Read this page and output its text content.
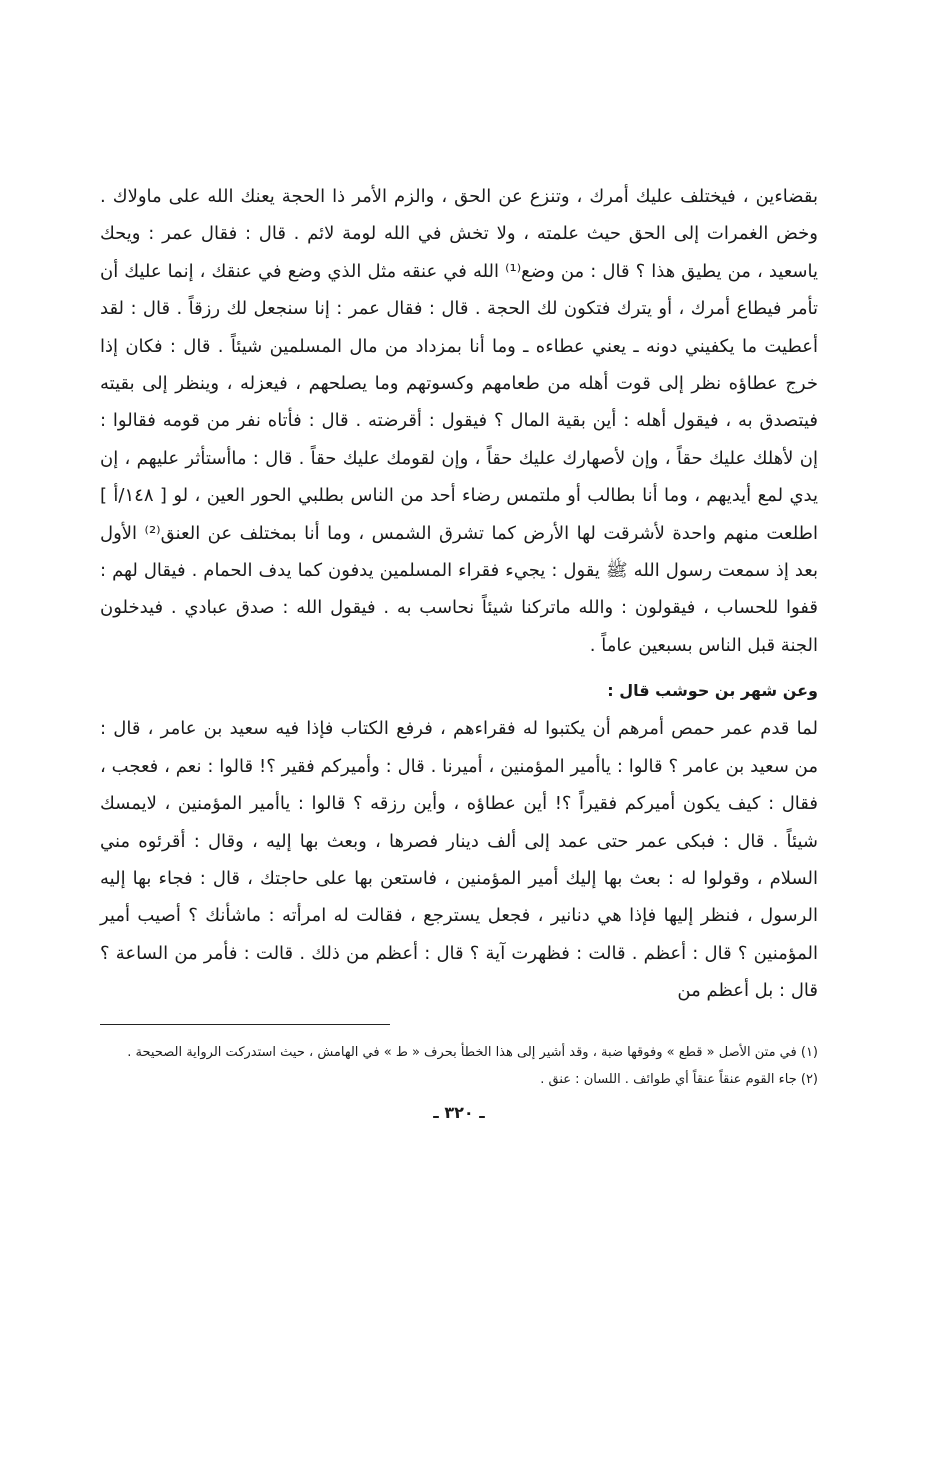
بقضاءين ، فيختلف عليك أمرك ، وتنزع عن الحق ، والزم الأمر ذا الحجة يعنك الله على ماولاك . وخض الغمرات إلى الحق حيث علمته ، ولا تخش في الله لومة لائم . قال : فقال عمر : ويحك ياسعيد ، من يطيق هذا ؟ قال : من وضع⁽¹⁾ الله في عنقه مثل الذي وضع في عنقك ، إنما عليك أن تأمر فيطاع أمرك ، أو يترك فتكون لك الحجة . قال : فقال عمر : إنا سنجعل لك رزقاً . قال : لقد أعطيت ما يكفيني دونه ـ يعني عطاءه ـ وما أنا بمزداد من مال المسلمين شيئاً . قال : فكان إذا خرج عطاؤه نظر إلى قوت أهله من طعامهم وكسوتهم وما يصلحهم ، فيعزله ، وينظر إلى بقيته فيتصدق به ، فيقول أهله : أين بقية المال ؟ فيقول : أقرضته . قال : فأتاه نفر من قومه فقالوا : إن لأهلك عليك حقاً ، وإن لأصهارك عليك حقاً ، وإن لقومك عليك حقاً . قال : ماأستأثر عليهم ، إن يدي لمع أيديهم ، وما أنا بطالب أو ملتمس رضاء أحد من الناس بطلبي الحور العين ، لو [ ١٤٨/أ ] اطلعت منهم واحدة لأشرقت لها الأرض كما تشرق الشمس ، وما أنا بمختلف عن العنق⁽²⁾ الأول بعد إذ سمعت رسول الله ﷺ يقول : يجيء فقراء المسلمين يدفون كما يدف الحمام . فيقال لهم : قفوا للحساب ، فيقولون : والله ماتركنا شيئاً نحاسب به . فيقول الله : صدق عبادي . فيدخلون الجنة قبل الناس بسبعين عاماً .

وعن شهر بن حوشب قال :

لما قدم عمر حمص أمرهم أن يكتبوا له فقراءهم ، فرفع الكتاب فإذا فيه سعيد بن عامر ، قال : من سعيد بن عامر ؟ قالوا : ياأمير المؤمنين ، أميرنا . قال : وأميركم فقير ؟! قالوا : نعم ، فعجب ، فقال : كيف يكون أميركم فقيراً ؟! أين عطاؤه ، وأين رزقه ؟ قالوا : ياأمير المؤمنين ، لايمسك شيئاً . قال : فبكى عمر حتى عمد إلى ألف دينار فصرها ، وبعث بها إليه ، وقال : أقرئوه مني السلام ، وقولوا له : بعث بها إليك أمير المؤمنين ، فاستعن بها على حاجتك ، قال : فجاء بها إليه الرسول ، فنظر إليها فإذا هي دنانير ، فجعل يسترجع ، فقالت له امرأته : ماشأنك ؟ أصيب أمير المؤمنين ؟ قال : أعظم . قالت : فظهرت آية ؟ قال : أعظم من ذلك . قالت : فأمر من الساعة ؟ قال : بل أعظم من

(١) في متن الأصل « قطع » وفوقها ضبة ، وقد أشير إلى هذا الخطأ بحرف « ط » في الهامش ، حيث استدركت الرواية الصحيحة .

(٢) جاء القوم عنقاً عنقاً أي طوائف . اللسان : عنق .

ـ ٣٢٠ ـ
